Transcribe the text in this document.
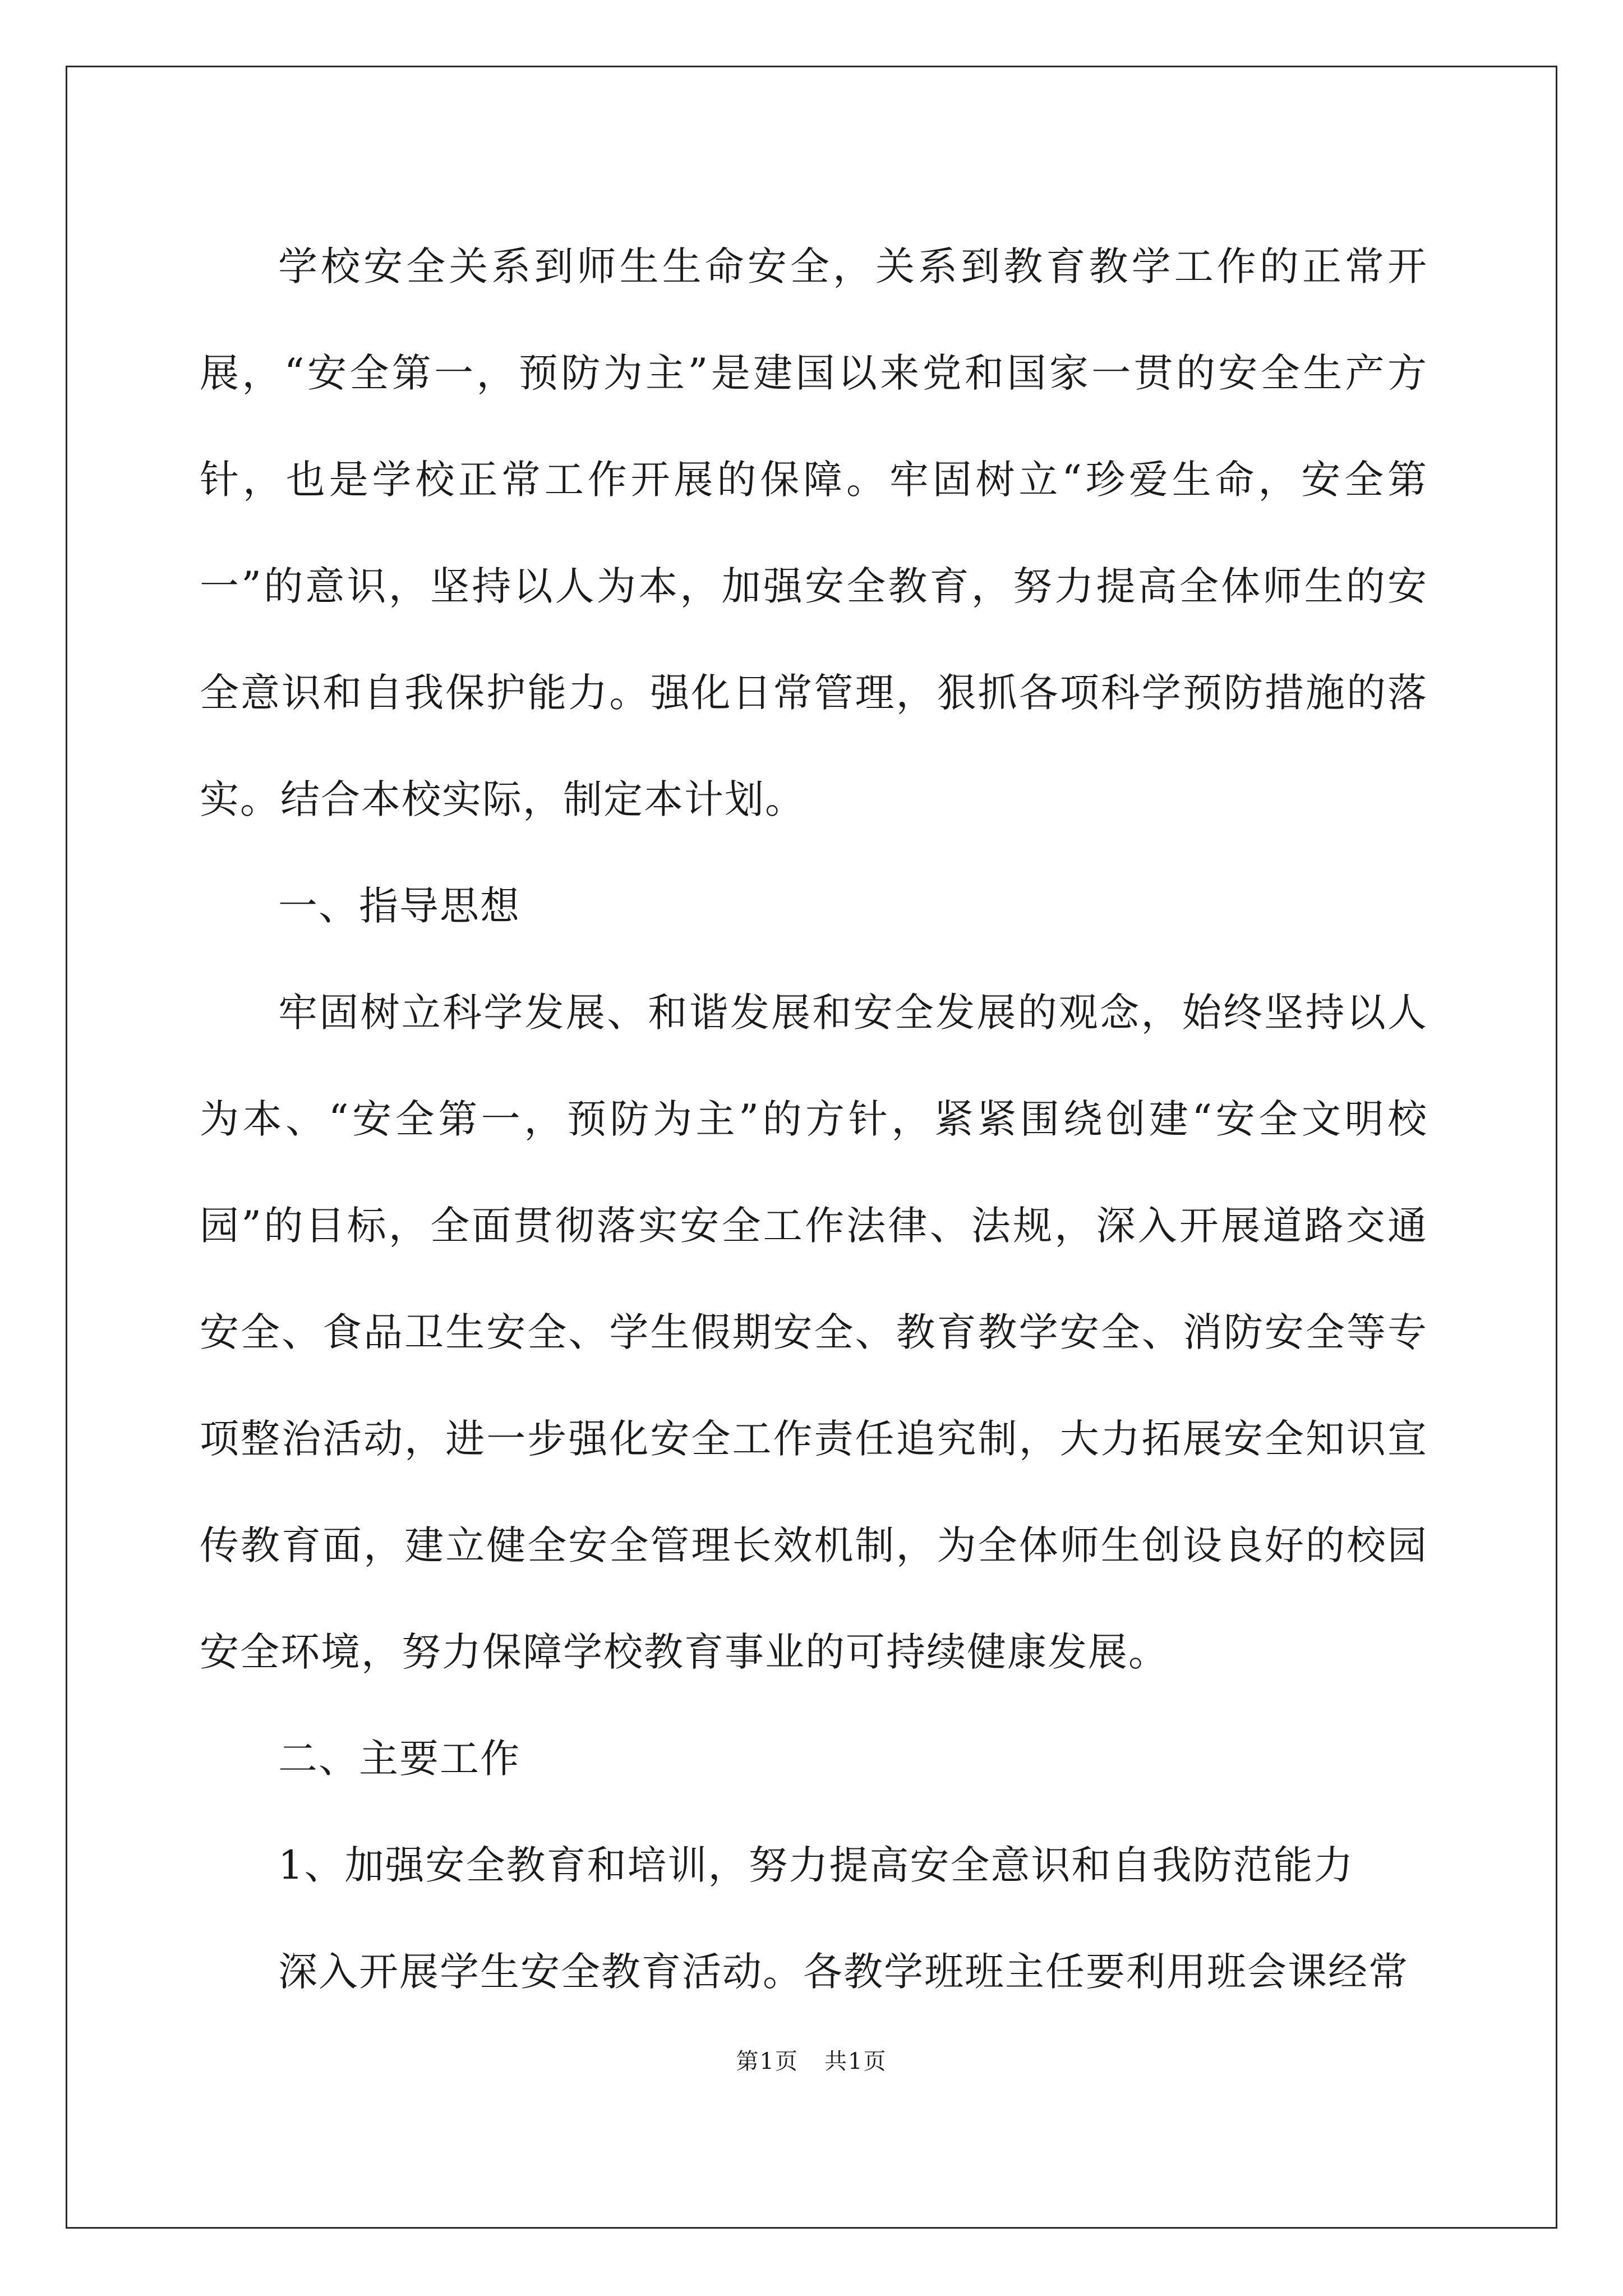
学校安全关系到师生生命安全，关系到教育教学工作的正常开展，“安全第一，预防为主”是建国以来党和国家一贯的安全生产方针，也是学校正常工作开展的保障。牢固树立“珍爱生命，安全第一”的意识，坚持以人为本，加强安全教育，努力提高全体师生的安全意识和自我保护能力。强化日常管理，狠抓各项科学预防措施的落实。结合本校实际，制定本计划。

一、指导思想

牢固树立科学发展、和谐发展和安全发展的观念，始终坚持以人为本、“安全第一，预防为主”的方针，紧紧围绕创建“安全文明校园”的目标，全面贯彻落实安全工作法律、法规，深入开展道路交通安全、食品卫生安全、学生假期安全、教育教学安全、消防安全等专项整治活动，进一步强化安全工作责任追究制，大力拓展安全知识宣传教育面，建立健全安全管理长效机制，为全体师生创设良好的校园安全环境，努力保障学校教育事业的可持续健康发展。

二、主要工作

1、加强安全教育和培训，努力提高安全意识和自我防范能力

深入开展学生安全教育活动。各教学班班主任要利用班会课经常

第1页 共1页
